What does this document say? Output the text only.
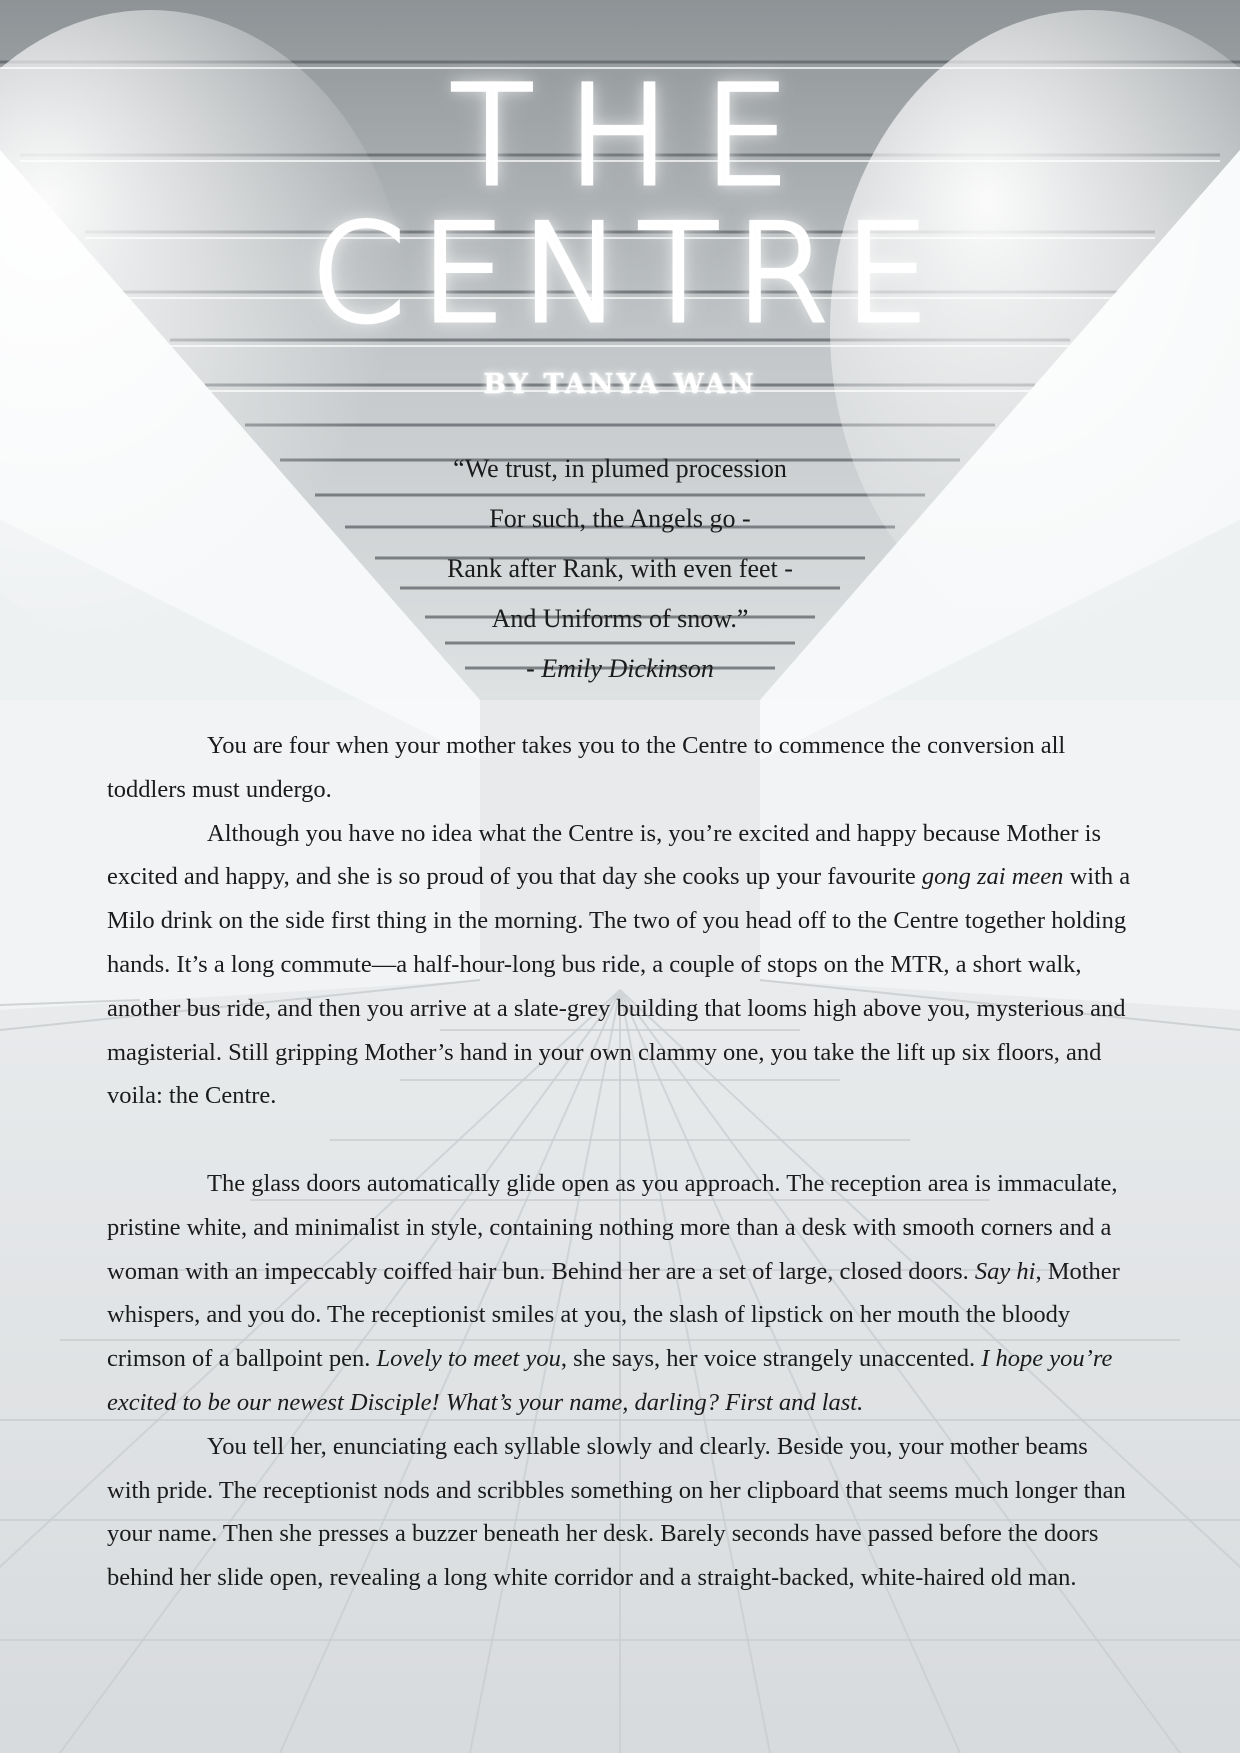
THE
CENTRE
BY TANYA WAN
“We trust, in plumed procession
For such, the Angels go -
Rank after Rank, with even feet -
And Uniforms of snow.”
- Emily Dickinson

You are four when your mother takes you to the Centre to commence the conversion all toddlers must undergo.

Although you have no idea what the Centre is, you’re excited and happy because Mother is excited and happy, and she is so proud of you that day she cooks up your favourite gong zai meen with a Milo drink on the side first thing in the morning. The two of you head off to the Centre together holding hands. It’s a long commute—a half-hour-long bus ride, a couple of stops on the MTR, a short walk, another bus ride, and then you arrive at a slate-grey building that looms high above you, mysterious and magisterial. Still gripping Mother’s hand in your own clammy one, you take the lift up six floors, and voila: the Centre.

The glass doors automatically glide open as you approach. The reception area is immaculate, pristine white, and minimalist in style, containing nothing more than a desk with smooth corners and a woman with an impeccably coiffed hair bun. Behind her are a set of large, closed doors. Say hi, Mother whispers, and you do. The receptionist smiles at you, the slash of lipstick on her mouth the bloody crimson of a ballpoint pen. Lovely to meet you, she says, her voice strangely unaccented. I hope you’re excited to be our newest Disciple! What’s your name, darling? First and last.

You tell her, enunciating each syllable slowly and clearly. Beside you, your mother beams with pride. The receptionist nods and scribbles something on her clipboard that seems much longer than your name. Then she presses a buzzer beneath her desk. Barely seconds have passed before the doors behind her slide open, revealing a long white corridor and a straight-backed, white-haired old man.
